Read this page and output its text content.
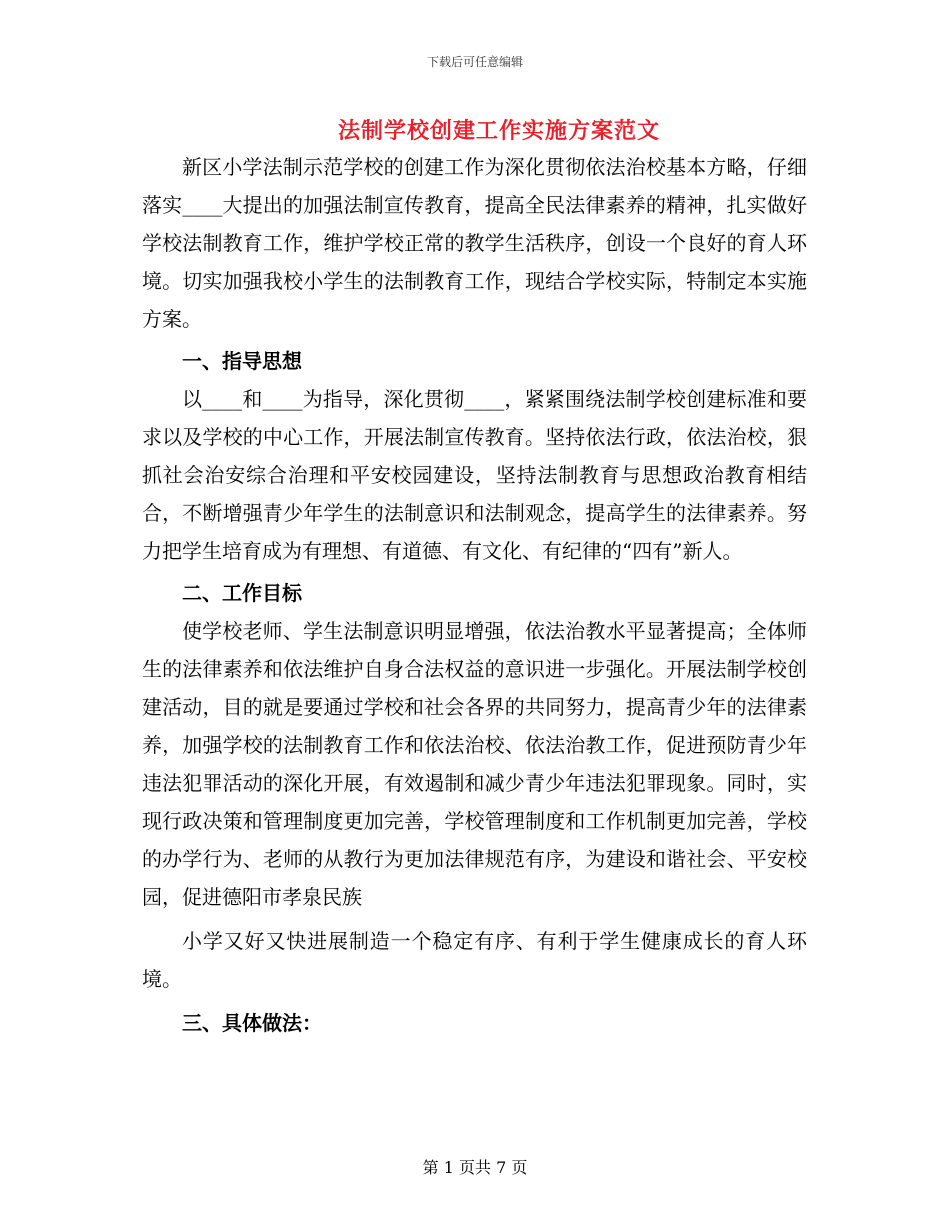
下载后可任意编辑
法制学校创建工作实施方案范文

新区小学法制示范学校的创建工作为深化贯彻依法治校基本方略，仔细落实____大提出的加强法制宣传教育，提高全民法律素养的精神，扎实做好学校法制教育工作，维护学校正常的教学生活秩序，创设一个良好的育人环境。切实加强我校小学生的法制教育工作，现结合学校实际，特制定本实施方案。

一、指导思想

以____和____为指导，深化贯彻____，紧紧围绕法制学校创建标准和要求以及学校的中心工作，开展法制宣传教育。坚持依法行政，依法治校，狠抓社会治安综合治理和平安校园建设，坚持法制教育与思想政治教育相结合，不断增强青少年学生的法制意识和法制观念，提高学生的法律素养。努力把学生培育成为有理想、有道德、有文化、有纪律的“四有”新人。

二、工作目标

使学校老师、学生法制意识明显增强，依法治教水平显著提高；全体师生的法律素养和依法维护自身合法权益的意识进一步强化。开展法制学校创建活动，目的就是要通过学校和社会各界的共同努力，提高青少年的法律素养，加强学校的法制教育工作和依法治校、依法治教工作，促进预防青少年违法犯罪活动的深化开展，有效遏制和减少青少年违法犯罪现象。同时，实现行政决策和管理制度更加完善，学校管理制度和工作机制更加完善，学校的办学行为、老师的从教行为更加法律规范有序，为建设和谐社会、平安校园，促进德阳市孝泉民族

小学又好又快进展制造一个稳定有序、有利于学生健康成长的育人环境。

三、具体做法：

第 1 页共 7 页
